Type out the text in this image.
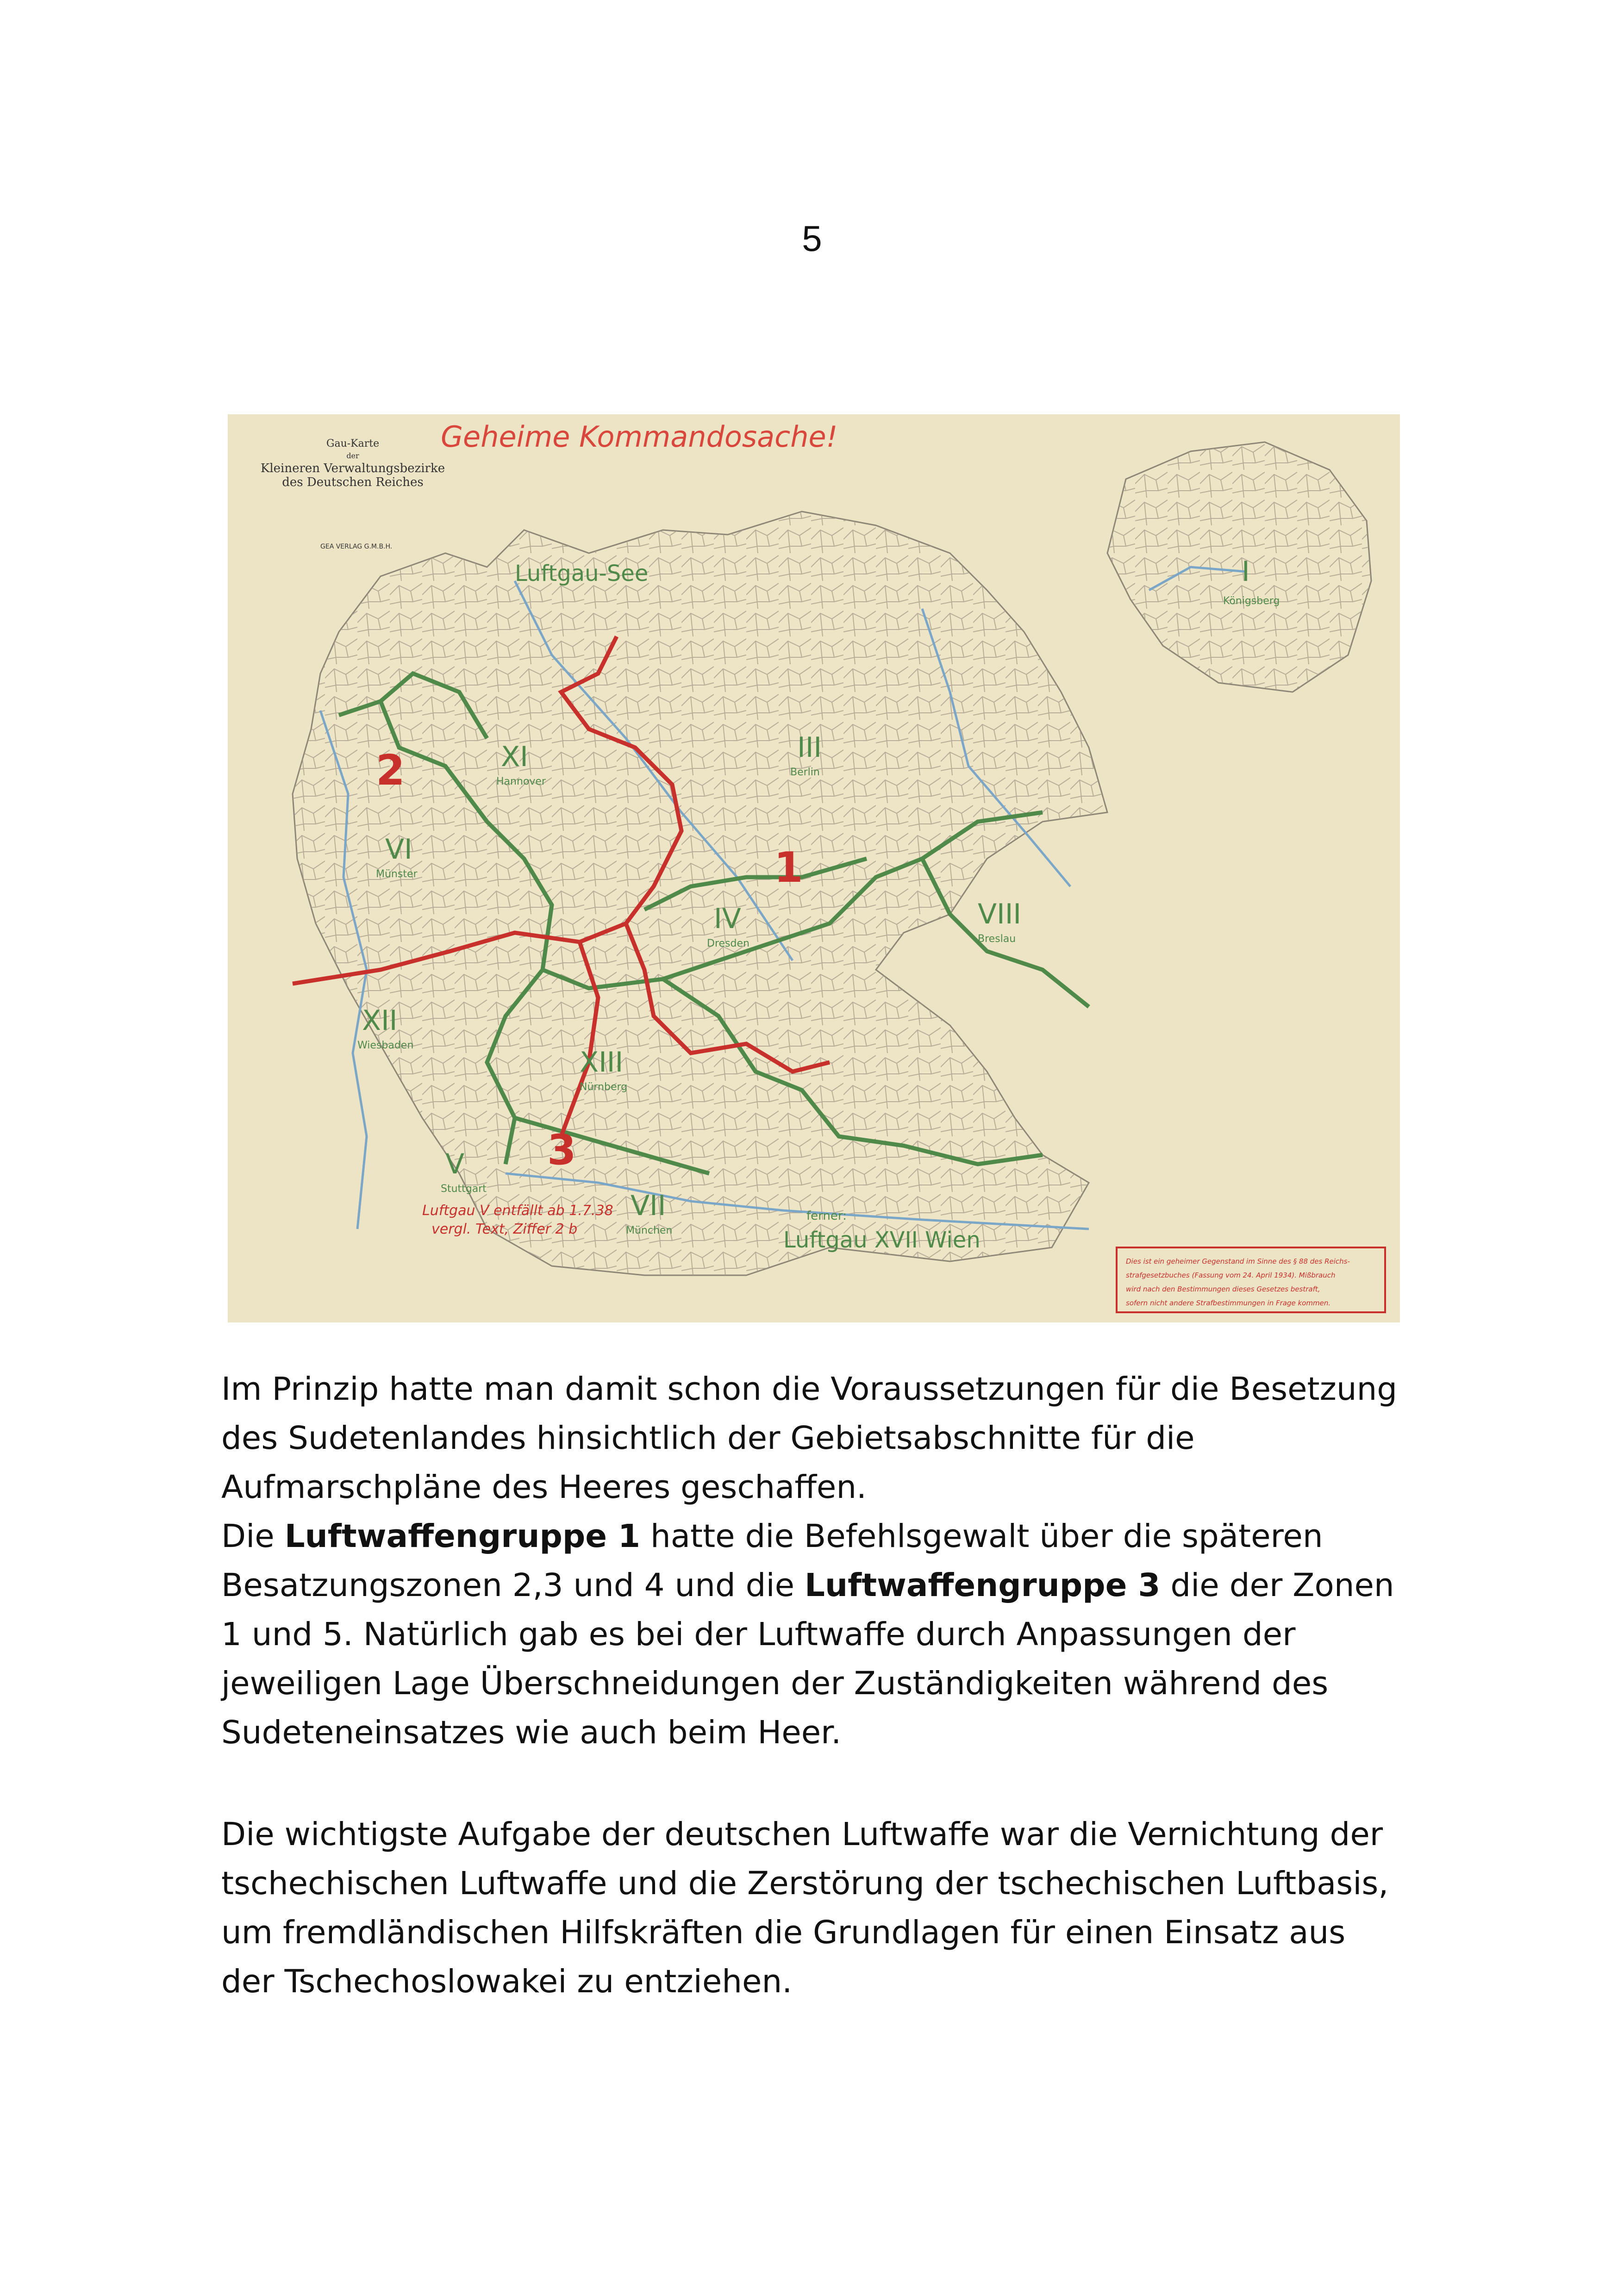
5
Gau-Karte
der
Kleineren Verwaltungsbezirke
des Deutschen Reiches
GEA VERLAG G.M.B.H.
Geheime Kommandosache!
Luftgau-See	I
Königsberg
III
Berlin
IV
Dresden
VI
Münster
VIII
Breslau
XI
Hannover
XII
Wiesbaden
XIII
Nürnberg
V
Stuttgart
VII
München
ferner:
Luftgau XVII Wien
1
2
3
Luftgau V entfällt ab 1.7.38
vergl. Text, Ziffer 2 b
Dies ist ein geheimer Gegenstand im Sinne des § 88 des Reichs-
strafgesetzbuches (Fassung vom 24. April 1934). Mißbrauch
wird nach den Bestimmungen dieses Gesetzes bestraft,
sofern nicht andere Strafbestimmungen in Frage kommen.
Im Prinzip hatte man damit schon die Voraussetzungen für die Besetzung des Sudetenlandes hinsichtlich der Gebietsabschnitte für die Aufmarschpläne des Heeres geschaffen.
Die Luftwaffengruppe 1 hatte die Befehlsgewalt über die späteren Besatzungszonen 2,3 und 4 und die Luftwaffengruppe 3 die der Zonen 1 und 5. Natürlich gab es bei der Luftwaffe durch Anpassungen der jeweiligen Lage Überschneidungen der Zuständigkeiten während des Sudeteneinsatzes wie auch beim Heer.
Die wichtigste Aufgabe der deutschen Luftwaffe war die Vernichtung der tschechischen Luftwaffe und die Zerstörung der tschechischen Luftbasis, um fremdländischen Hilfskräften die Grundlagen für einen Einsatz aus der Tschechoslowakei zu entziehen.
